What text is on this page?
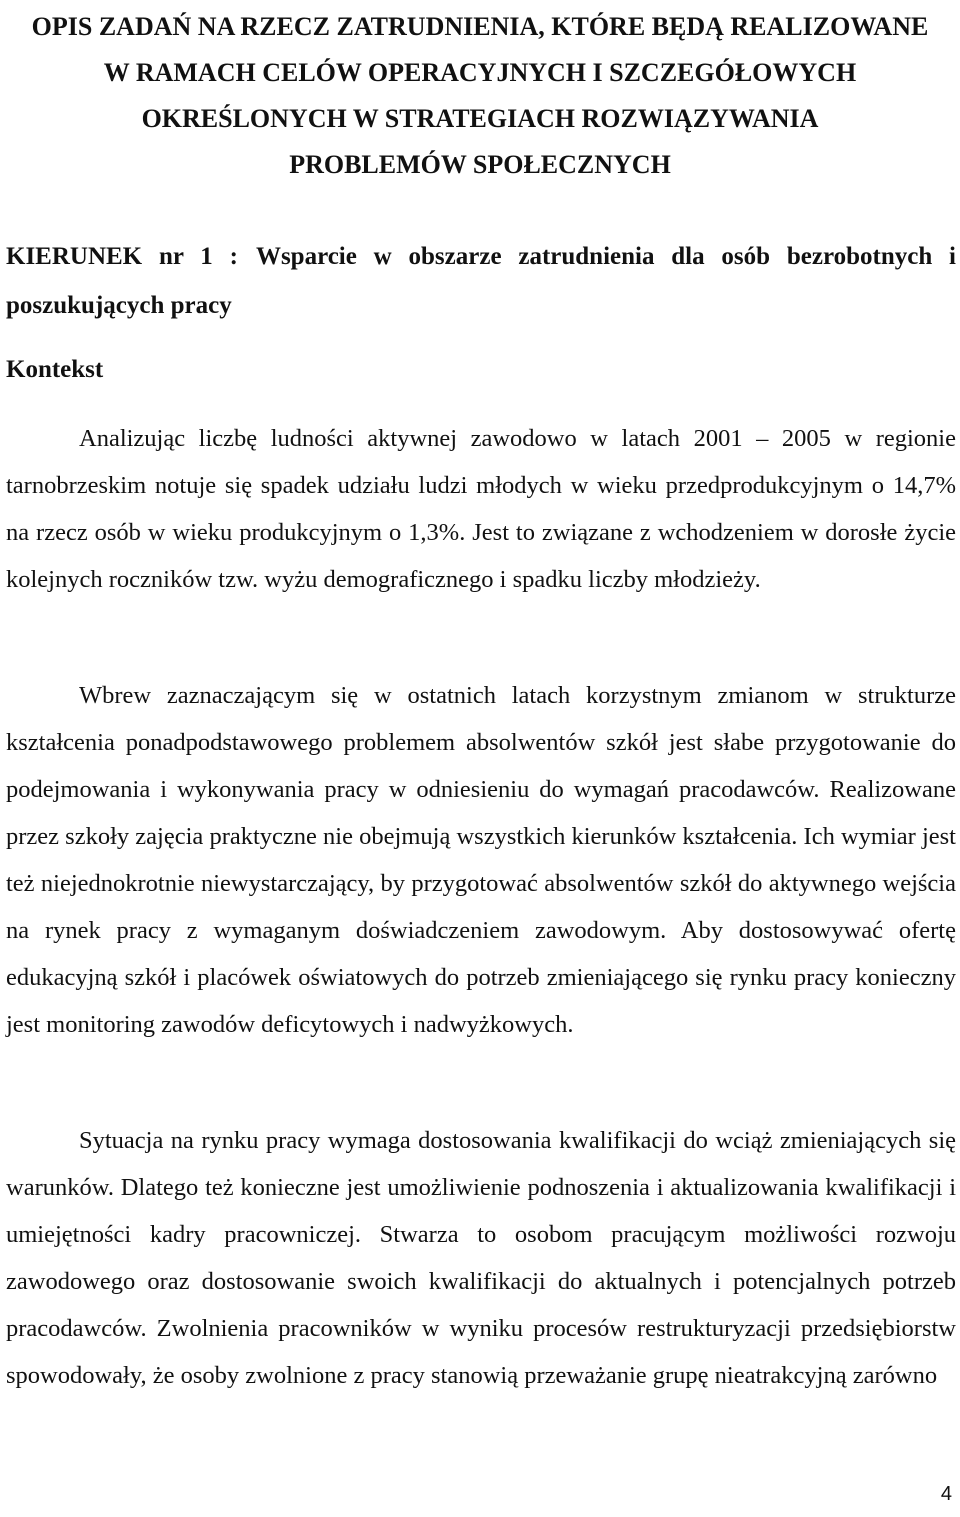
OPIS ZADAŃ NA RZECZ ZATRUDNIENIA, KTÓRE BĘDĄ REALIZOWANE
W RAMACH CELÓW OPERACYJNYCH I SZCZEGÓŁOWYCH
OKREŚLONYCH W STRATEGIACH ROZWIĄZYWANIA
PROBLEMÓW SPOŁECZNYCH

KIERUNEK nr 1 : Wsparcie w obszarze zatrudnienia dla osób bezrobotnych i poszukujących pracy

Kontekst

Analizując liczbę ludności aktywnej zawodowo w latach 2001 – 2005 w regionie tarnobrzeskim notuje się spadek udziału ludzi młodych w wieku przedprodukcyjnym o 14,7% na rzecz osób w wieku produkcyjnym o 1,3%. Jest to związane z wchodzeniem w dorosłe życie kolejnych roczników tzw. wyżu demograficznego i spadku liczby młodzieży.

Wbrew zaznaczającym się w ostatnich latach korzystnym zmianom w strukturze kształcenia ponadpodstawowego problemem absolwentów szkół jest słabe przygotowanie do podejmowania i wykonywania pracy w odniesieniu do wymagań pracodawców. Realizowane przez szkoły zajęcia praktyczne nie obejmują wszystkich kierunków kształcenia. Ich wymiar jest też niejednokrotnie niewystarczający, by przygotować absolwentów szkół do aktywnego wejścia na rynek pracy z wymaganym doświadczeniem zawodowym. Aby dostosowywać ofertę edukacyjną szkół i placówek oświatowych do potrzeb zmieniającego się rynku pracy konieczny jest monitoring zawodów deficytowych i nadwyżkowych.

Sytuacja na rynku pracy wymaga dostosowania kwalifikacji do wciąż zmieniających się warunków. Dlatego też konieczne jest umożliwienie podnoszenia i aktualizowania kwalifikacji i umiejętności kadry pracowniczej. Stwarza to osobom pracującym możliwości rozwoju zawodowego oraz dostosowanie swoich kwalifikacji do aktualnych i potencjalnych potrzeb pracodawców. Zwolnienia pracowników w wyniku procesów restrukturyzacji przedsiębiorstw spowodowały, że osoby zwolnione z pracy stanowią przeważanie grupę nieatrakcyjną zarówno

4
